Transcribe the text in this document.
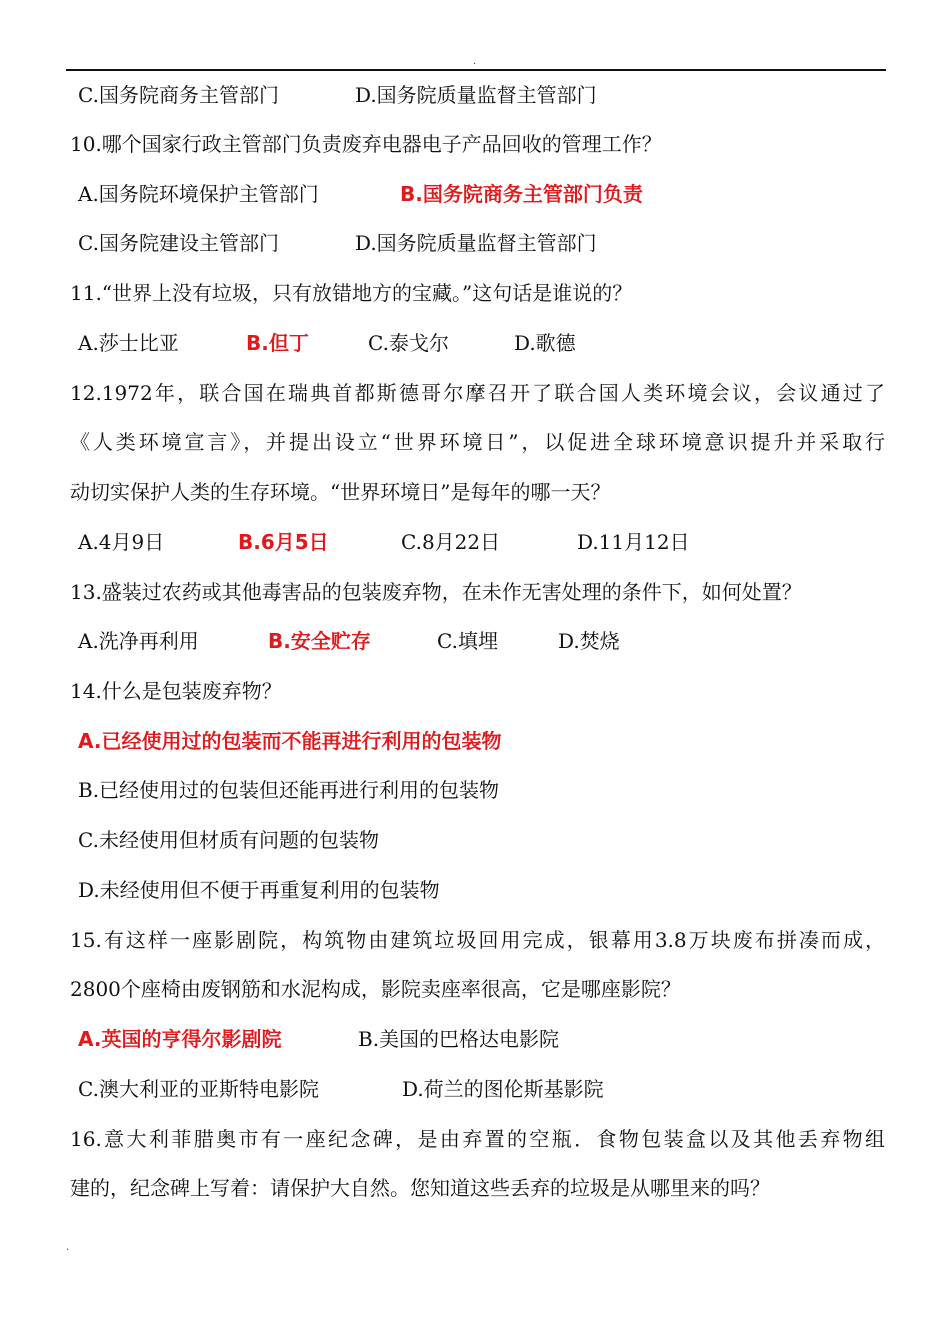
.
C.国务院商务主管部门	D.国务院质量监督主管部门
10.哪个国家行政主管部门负责废弃电器电子产品回收的管理工作？
A.国务院环境保护主管部门	B.国务院商务主管部门负责
C.国务院建设主管部门	D.国务院质量监督主管部门
11.“世界上没有垃圾，只有放错地方的宝藏。”这句话是谁说的？
A.莎士比亚	B.但丁	C.泰戈尔	D.歌德
12.1972年，联合国在瑞典首都斯德哥尔摩召开了联合国人类环境会议，会议通过了
《人类环境宣言》，并提出设立“世界环境日”，以促进全球环境意识提升并采取行
动切实保护人类的生存环境。“世界环境日”是每年的哪一天？
A.4月9日	B.6月5日	C.8月22日	D.11月12日
13.盛装过农药或其他毒害品的包装废弃物，在未作无害处理的条件下，如何处置？
A.洗净再利用	B.安全贮存	C.填埋	D.焚烧
14.什么是包装废弃物？
A.已经使用过的包装而不能再进行利用的包装物
B.已经使用过的包装但还能再进行利用的包装物
C.未经使用但材质有问题的包装物
D.未经使用但不便于再重复利用的包装物
15.有这样一座影剧院，构筑物由建筑垃圾回用完成，银幕用3.8万块废布拼凑而成，
2800个座椅由废钢筋和水泥构成，影院卖座率很高，它是哪座影院？
A.英国的亨得尔影剧院	B.美国的巴格达电影院
C.澳大利亚的亚斯特电影院	D.荷兰的图伦斯基影院
16.意大利菲腊奥市有一座纪念碑，是由弃置的空瓶．食物包装盒以及其他丢弃物组
建的，纪念碑上写着：请保护大自然。您知道这些丢弃的垃圾是从哪里来的吗？
.
